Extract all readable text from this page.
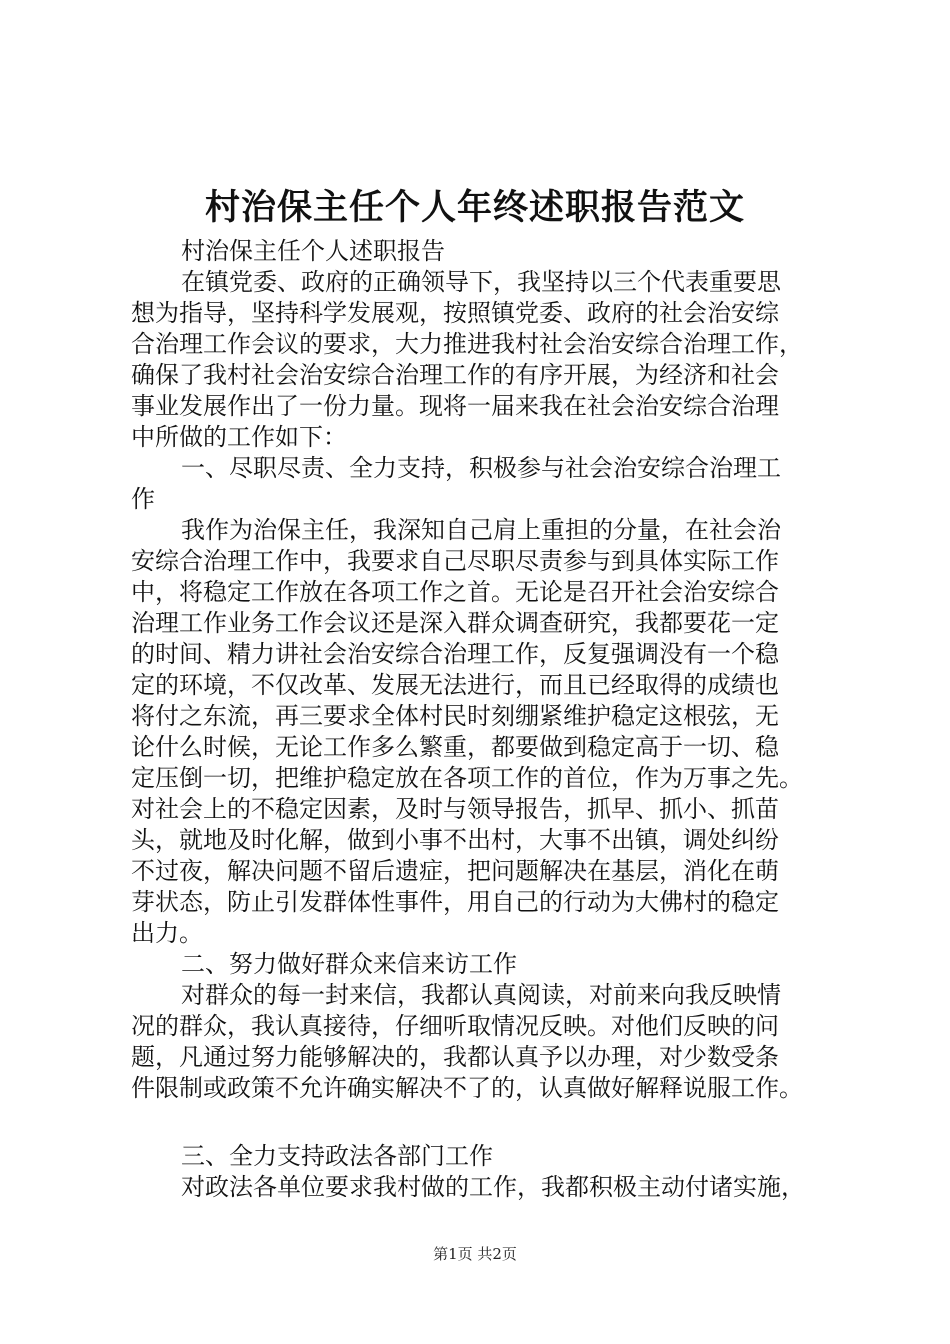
村治保主任个人年终述职报告范文
村治保主任个人述职报告
在镇党委、政府的正确领导下，我坚持以三个代表重要思
想为指导，坚持科学发展观，按照镇党委、政府的社会治安综
合治理工作会议的要求，大力推进我村社会治安综合治理工作，
确保了我村社会治安综合治理工作的有序开展，为经济和社会
事业发展作出了一份力量。现将一届来我在社会治安综合治理
中所做的工作如下：
一、尽职尽责、全力支持，积极参与社会治安综合治理工
作
我作为治保主任，我深知自己肩上重担的分量，在社会治
安综合治理工作中，我要求自己尽职尽责参与到具体实际工作
中，将稳定工作放在各项工作之首。无论是召开社会治安综合
治理工作业务工作会议还是深入群众调查研究，我都要花一定
的时间、精力讲社会治安综合治理工作，反复强调没有一个稳
定的环境，不仅改革、发展无法进行，而且已经取得的成绩也
将付之东流，再三要求全体村民时刻绷紧维护稳定这根弦，无
论什么时候，无论工作多么繁重，都要做到稳定高于一切、稳
定压倒一切，把维护稳定放在各项工作的首位，作为万事之先。
对社会上的不稳定因素，及时与领导报告，抓早、抓小、抓苗
头，就地及时化解，做到小事不出村，大事不出镇，调处纠纷
不过夜，解决问题不留后遗症，把问题解决在基层，消化在萌
芽状态，防止引发群体性事件，用自己的行动为大佛村的稳定
出力。
二、努力做好群众来信来访工作
对群众的每一封来信，我都认真阅读，对前来向我反映情
况的群众，我认真接待，仔细听取情况反映。对他们反映的问
题，凡通过努力能够解决的，我都认真予以办理，对少数受条
件限制或政策不允许确实解决不了的，认真做好解释说服工作。
三、全力支持政法各部门工作
对政法各单位要求我村做的工作，我都积极主动付诸实施，
第1页 共2页
